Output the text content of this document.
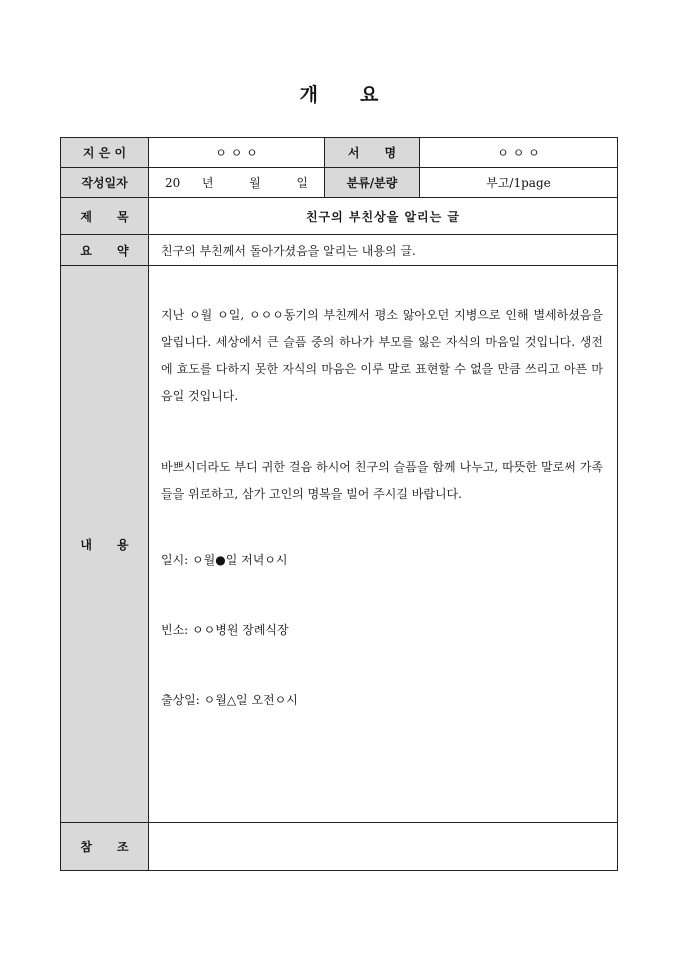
개 요
지 은 이	ㅇ ㅇ ㅇ	서      명	ㅇ ㅇ ㅇ
작성일자	20 년 월 일	분류/분량	부고/1page
제      목	친구의 부친상을 알리는 글		
요      약	친구의 부친께서 돌아가셨음을 알리는 내용의 글.		
내      용	지난 ㅇ월 ㅇ일, ㅇㅇㅇ동기의 부친께서 평소 앓아오던 지병으로 인해 별세하셨음을 알립니다. 세상에서 큰 슬픔 중의 하나가 부모를 잃은 자식의 마음일 것입니다. 생전에 효도를 다하지 못한 자식의 마음은 이루 말로 표현할 수 없을 만큼 쓰리고 아픈 마음일 것입니다.

바쁘시더라도 부디 귀한 걸음 하시어 친구의 슬픔을 함께 나누고, 따뜻한 말로써 가족들을 위로하고, 삼가 고인의 명복을 빌어 주시길 바랍니다.

일시: ㅇ월●일 저녁ㅇ시

빈소: ㅇㅇ병원 장례식장

출상일: ㅇ월△일 오전ㅇ시		

참      조			
